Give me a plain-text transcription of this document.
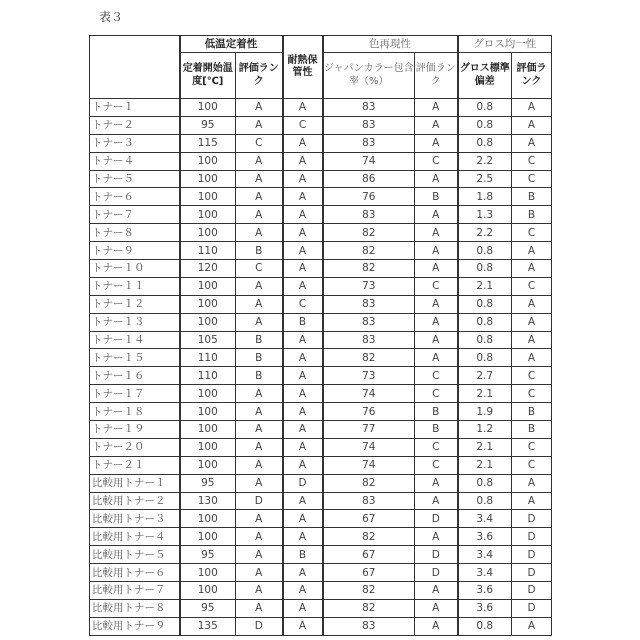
表３
	低温定着性	耐熱保管性	色再現性	グロス均一性
定着開始温度[℃]	評価ランク	ジャパンカラー包含率（%）	評価ランク	グロス標準偏差	評価ランク
トナー１	100	A	A	83	A	0.8	A
トナー２	95	A	C	83	A	0.8	A
トナー３	115	C	A	83	A	0.8	A
トナー４	100	A	A	74	C	2.2	C
トナー５	100	A	A	86	A	2.5	C
トナー６	100	A	A	76	B	1.8	B
トナー７	100	A	A	83	A	1.3	B
トナー８	100	A	A	82	A	2.2	C
トナー９	110	B	A	82	A	0.8	A
トナー１０	120	C	A	82	A	0.8	A
トナー１１	100	A	A	73	C	2.1	C
トナー１２	100	A	C	83	A	0.8	A
トナー１３	100	A	B	83	A	0.8	A
トナー１４	105	B	A	83	A	0.8	A
トナー１５	110	B	A	82	A	0.8	A
トナー１６	110	B	A	73	C	2.7	C
トナー１７	100	A	A	74	C	2.1	C
トナー１８	100	A	A	76	B	1.9	B
トナー１９	100	A	A	77	B	1.2	B
トナー２０	100	A	A	74	C	2.1	C
トナー２１	100	A	A	74	C	2.1	C
比較用トナー１	95	A	D	82	A	0.8	A
比較用トナー２	130	D	A	83	A	0.8	A
比較用トナー３	100	A	A	67	D	3.4	D
比較用トナー４	100	A	A	82	A	3.6	D
比較用トナー５	95	A	B	67	D	3.4	D
比較用トナー６	100	A	A	67	D	3.4	D
比較用トナー７	100	A	A	82	A	3.6	D
比較用トナー８	95	A	A	82	A	3.6	D
比較用トナー９	135	D	A	83	A	0.8	A
